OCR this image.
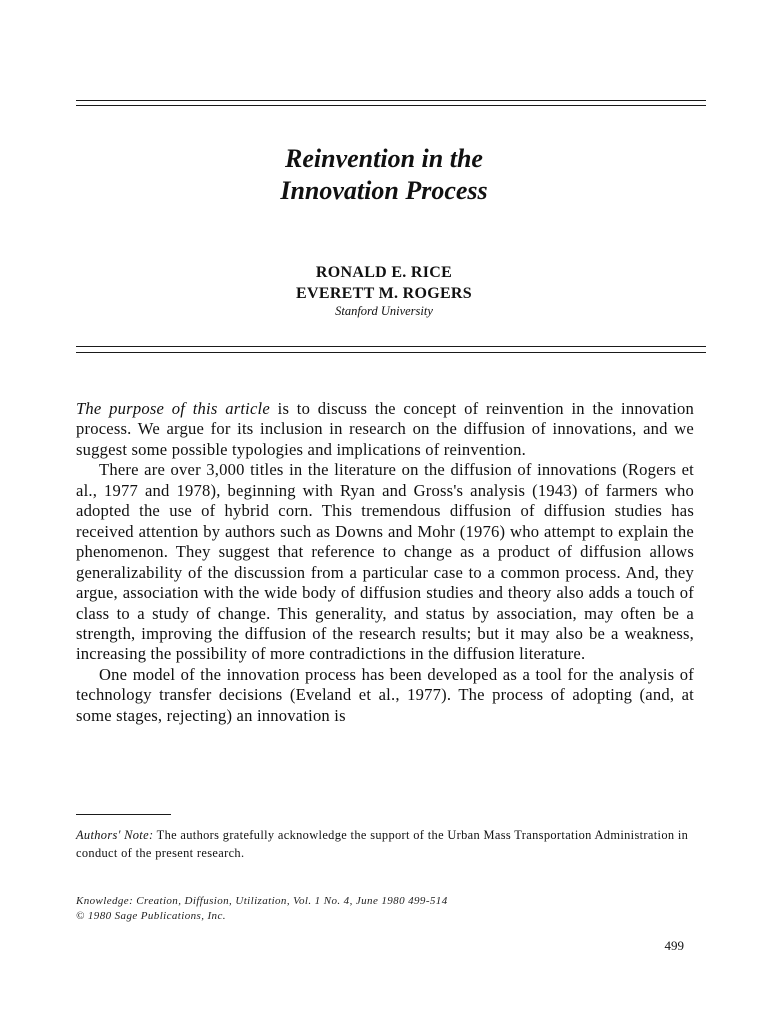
Reinvention in the
Innovation Process
RONALD E. RICE
EVERETT M. ROGERS
Stanford University

The purpose of this article is to discuss the concept of reinvention in the innovation process. We argue for its inclusion in research on the diffusion of innovations, and we suggest some possible typologies and implications of reinvention.

There are over 3,000 titles in the literature on the diffusion of innovations (Rogers et al., 1977 and 1978), beginning with Ryan and Gross's analysis (1943) of farmers who adopted the use of hybrid corn. This tremendous diffusion of diffusion studies has received attention by authors such as Downs and Mohr (1976) who attempt to explain the phenomenon. They suggest that reference to change as a product of diffusion allows generalizability of the discussion from a particular case to a common process. And, they argue, association with the wide body of diffusion studies and theory also adds a touch of class to a study of change. This generality, and status by association, may often be a strength, improving the diffusion of the research results; but it may also be a weakness, increasing the possibility of more contradictions in the diffusion literature.

One model of the innovation process has been developed as a tool for the analysis of technology transfer decisions (Eveland et al., 1977). The process of adopting (and, at some stages, rejecting) an innovation is

Authors' Note: The authors gratefully acknowledge the support of the Urban Mass Transportation Administration in conduct of the present research.
Knowledge: Creation, Diffusion, Utilization, Vol. 1 No. 4, June 1980 499-514
© 1980 Sage Publications, Inc.
499
